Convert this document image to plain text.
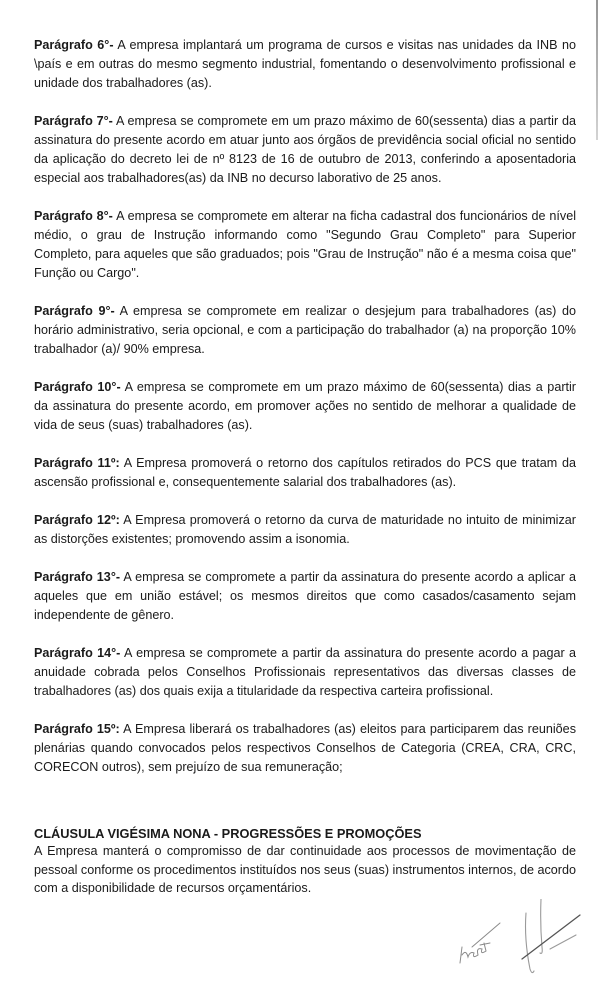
Parágrafo 6°- A empresa implantará um programa de cursos e visitas nas unidades da INB no \país e em outras do mesmo segmento industrial, fomentando o desenvolvimento profissional e unidade dos trabalhadores (as).

Parágrafo 7°- A empresa se compromete em um prazo máximo de 60(sessenta) dias a partir da assinatura do presente acordo em atuar junto aos órgãos de previdência social oficial no sentido da aplicação do decreto lei de nº 8123 de 16 de outubro de 2013, conferindo a aposentadoria especial aos trabalhadores(as) da INB no decurso laborativo de 25 anos.

Parágrafo 8°- A empresa se compromete em alterar na ficha cadastral dos funcionários de nível médio, o grau de Instrução informando como "Segundo Grau Completo" para Superior Completo, para aqueles que são graduados; pois "Grau de Instrução" não é a mesma coisa que" Função ou Cargo".

Parágrafo 9°- A empresa se compromete em realizar o desjejum para trabalhadores (as) do horário administrativo, seria opcional, e com a participação do trabalhador (a) na proporção 10% trabalhador (a)/ 90% empresa.

Parágrafo 10°- A empresa se compromete em um prazo máximo de 60(sessenta) dias a partir da assinatura do presente acordo, em promover ações no sentido de melhorar a qualidade de vida de seus (suas) trabalhadores (as).

Parágrafo 11º: A Empresa promoverá o retorno dos capítulos retirados do PCS que tratam da ascensão profissional e, consequentemente salarial dos trabalhadores (as).

Parágrafo 12º: A Empresa promoverá o retorno da curva de maturidade no intuito de minimizar as distorções existentes; promovendo assim a isonomia.

Parágrafo 13°- A empresa se compromete a partir da assinatura do presente acordo a aplicar a aqueles que em união estável; os mesmos direitos que como casados/casamento sejam independente de gênero.

Parágrafo 14°- A empresa se compromete a partir da assinatura do presente acordo a pagar a anuidade cobrada pelos Conselhos Profissionais representativos das diversas classes de trabalhadores (as) dos quais exija a titularidade da respectiva carteira profissional.

Parágrafo 15º: A Empresa liberará os trabalhadores (as) eleitos para participarem das reuniões plenárias quando convocados pelos respectivos Conselhos de Categoria (CREA, CRA, CRC, CORECON outros), sem prejuízo de sua remuneração;

CLÁUSULA VIGÉSIMA NONA - PROGRESSÕES E PROMOÇÕES

A Empresa manterá o compromisso de dar continuidade aos processos de movimentação de pessoal conforme os procedimentos instituídos nos seus (suas) instrumentos internos, de acordo com a disponibilidade de recursos orçamentários.
